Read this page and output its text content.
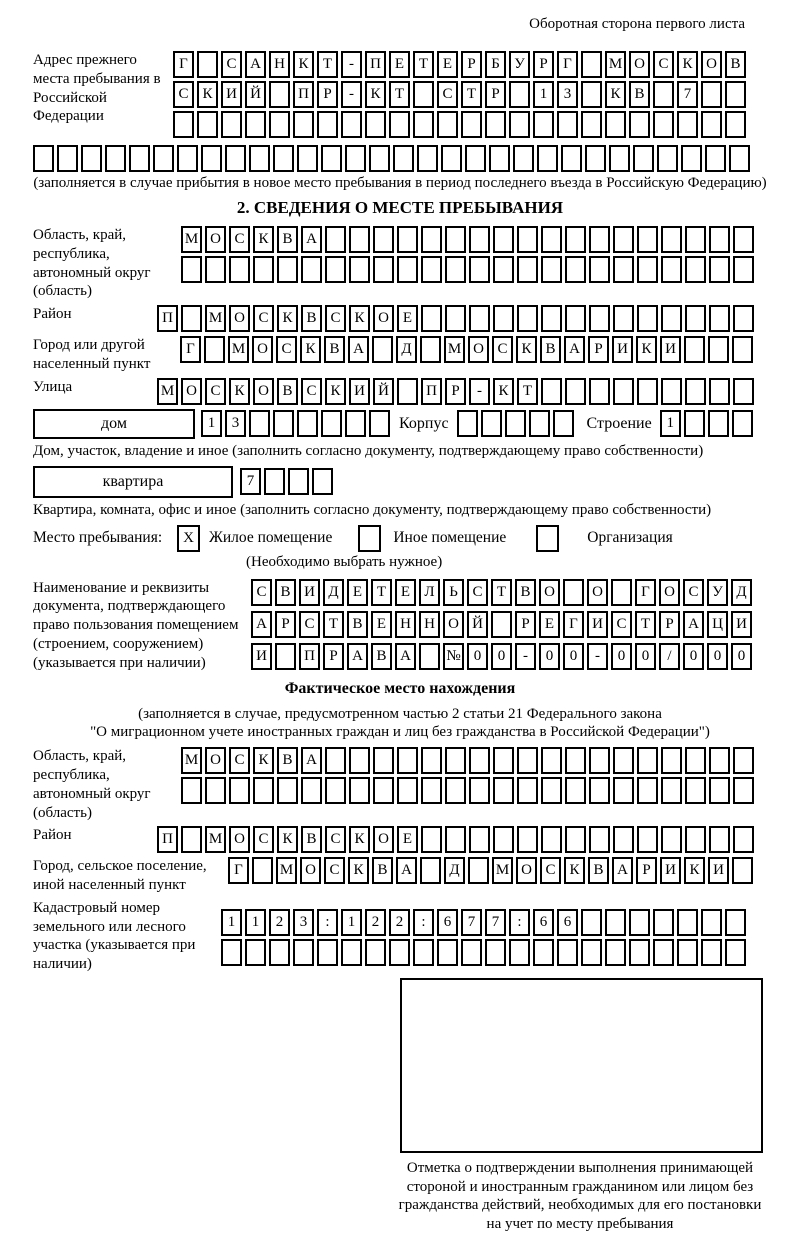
Оборотная сторона первого листа
Адрес прежнего места пребывания в Российской Федерации
Г	С А Н К Т	-	П Е Т Е	Р	Б У Р	Г	М О С К О В
С К И Й	П Р	-	К Т	С Т	Р	1	3	К В	7
(заполняется в случае прибытия в новое место пребывания в период последнего въезда в Российскую Федерацию)
2. СВЕДЕНИЯ О МЕСТЕ ПРЕБЫВАНИЯ
Область, край, республика, автономный округ (область)
М О С К В А
Район	П	М О С К В С К О Е
Город или другой населенный пункт
Г	М О С К В А	Д	М О С К В А Р И К И
Улица	М О С К О В С К И Й	П Р	-	К Т
дом	1	3	Корпус	Строение 1
Дом, участок, владение и иное (заполнить согласно документу, подтверждающему право собственности)
квартира	7
Квартира, комната, офис и иное (заполнить согласно документу, подтверждающему право собственности)
Место пребывания:	X Жилое помещение	Иное помещение	Организация
(Необходимо выбрать нужное)
Наименование и реквизиты документа, подтверждающего право пользования помещением (строением, сооружением) (указывается при наличии)
С В И Д Е Т Е Л Ь С Т В О	О	Г О С У Д
А Р С Т В Е Н Н О Й	Р	Е	Г И С Т	Р А Ц И
И	П Р А В А	№ 0	0	-	0	0	-	0	0	/	0	0	0
Фактическое место нахождения
(заполняется в случае, предусмотренном частью 2 статьи 21 Федерального закона
"О миграционном учете иностранных граждан и лиц без гражданства в Российской Федерации")
Область, край, республика, автономный округ (область)
М О С К В А
Район	П	М О С К В С К О Е
Город, сельское поселение, иной населенный пункт
Г	М О С К В А	Д	М О С К В А Р И К И
Кадастровый номер земельного или лесного участка (указывается при наличии)
1	1	2	3	:	1	2	2	:	6	7	7	:	6	6
Отметка о подтверждении выполнения принимающей
стороной и иностранным гражданином или лицом без
гражданства действий, необходимых для его постановки
на учет по месту пребывания
